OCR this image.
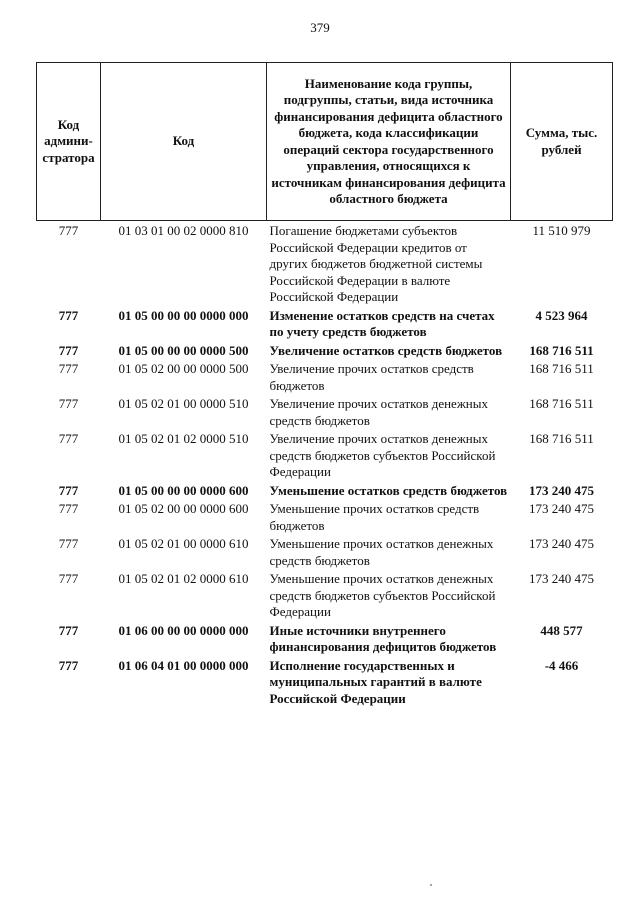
379
Код админи-стратора	Код	Наименование кода группы, подгруппы, статьи, вида источника финансирования дефицита областного бюджета, кода классификации операций сектора государственного управления, относящихся к источникам финансирования дефицита областного бюджета	Сумма, тыс. рублей
777	01 03 01 00 02 0000 810	Погашение бюджетами субъектов Российской Федерации кредитов от других бюджетов бюджетной системы Российской Федерации в валюте Российской Федерации	11 510 979
777	01 05 00 00 00 0000 000	Изменение остатков средств на счетах по учету средств бюджетов	4 523 964
777	01 05 00 00 00 0000 500	Увеличение остатков средств бюджетов	168 716 511
777	01 05 02 00 00 0000 500	Увеличение прочих остатков средств бюджетов	168 716 511
777	01 05 02 01 00 0000 510	Увеличение прочих остатков денежных средств бюджетов	168 716 511
777	01 05 02 01 02 0000 510	Увеличение прочих остатков денежных средств бюджетов субъектов Российской Федерации	168 716 511
777	01 05 00 00 00 0000 600	Уменьшение остатков средств бюджетов	173 240 475
777	01 05 02 00 00 0000 600	Уменьшение прочих остатков средств бюджетов	173 240 475
777	01 05 02 01 00 0000 610	Уменьшение прочих остатков денежных средств бюджетов	173 240 475
777	01 05 02 01 02 0000 610	Уменьшение прочих остатков денежных средств бюджетов субъектов Российской Федерации	173 240 475
777	01 06 00 00 00 0000 000	Иные источники внутреннего финансирования дефицитов бюджетов	448 577
777	01 06 04 01 00 0000 000	Исполнение государственных и муниципальных гарантий в валюте Российской Федерации	-4 466
